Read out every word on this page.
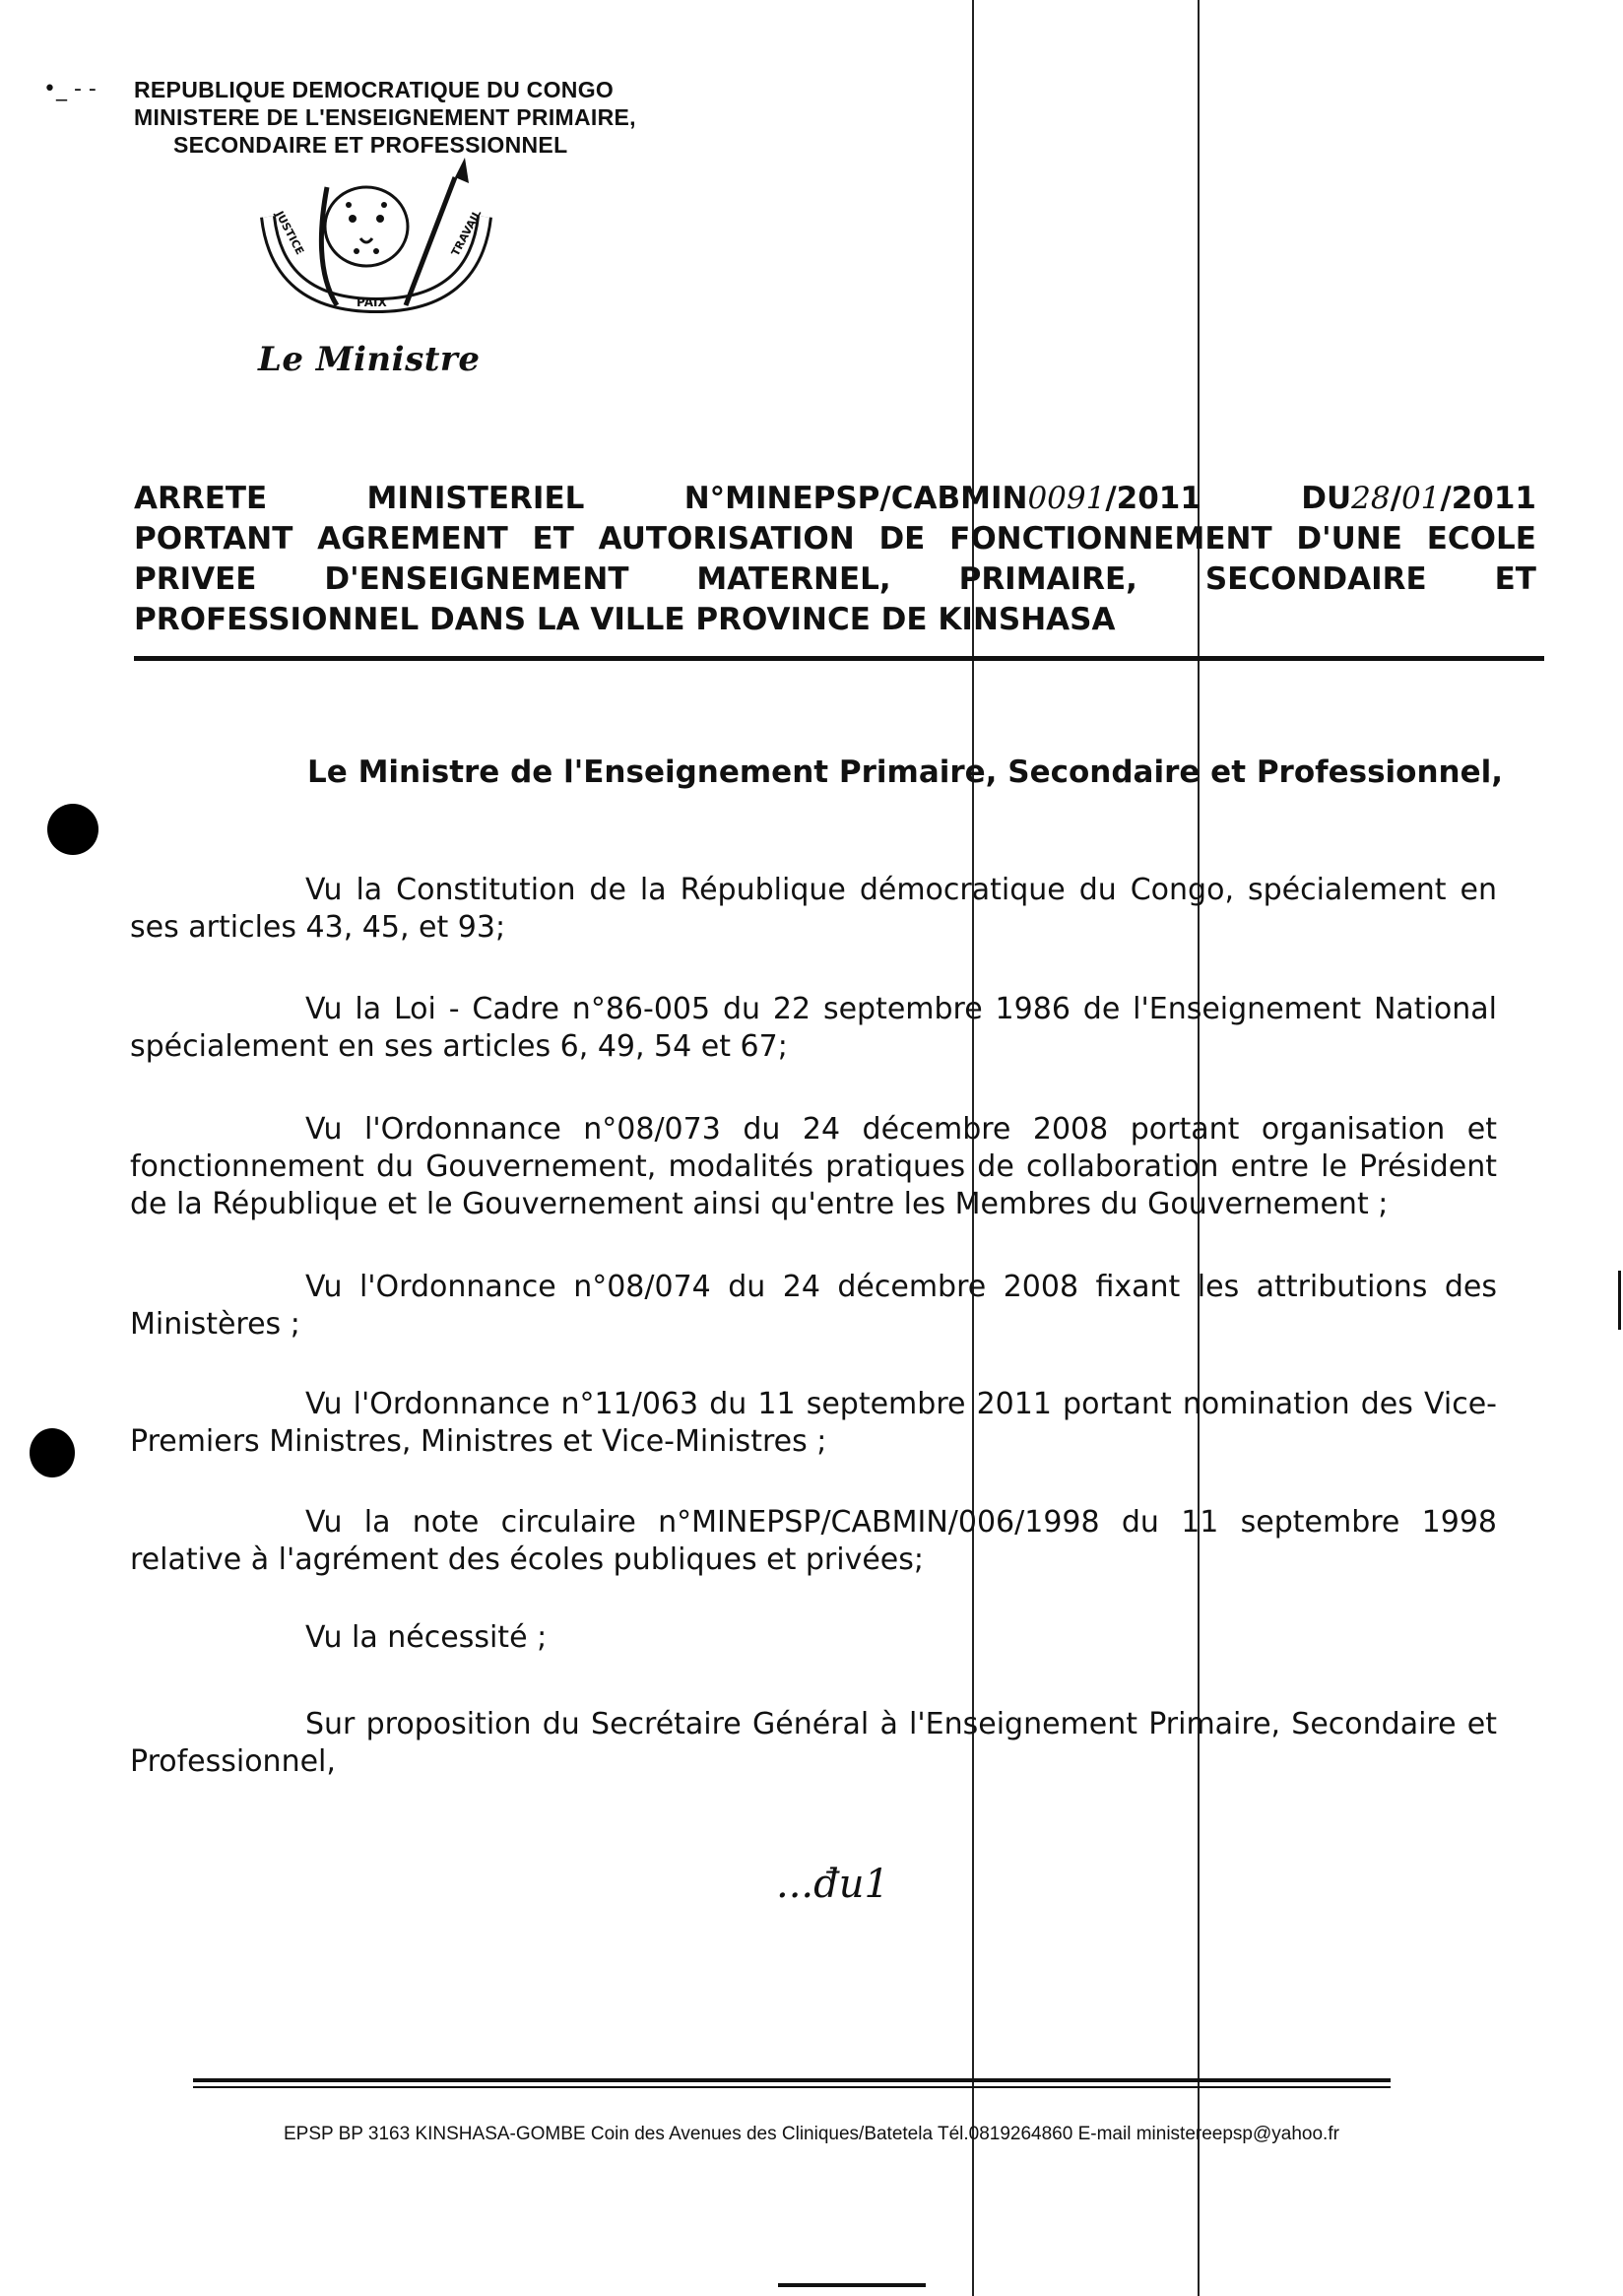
•_ - - REPUBLIQUE DEMOCRATIQUE DU CONGO
MINISTERE DE L'ENSEIGNEMENT PRIMAIRE,
SECONDAIRE ET PROFESSIONNEL
JUSTICE
PAIX
TRAVAIL
Le Ministre
ARRETE	MINISTERIEL	N°MINEPSP/CABMIN0091/2011	DU28/01/2011
PORTANT AGREMENT ET AUTORISATION DE FONCTIONNEMENT D'UNE ECOLE
PRIVEE D'ENSEIGNEMENT MATERNEL, PRIMAIRE, SECONDAIRE ET
PROFESSIONNEL DANS LA VILLE PROVINCE DE KINSHASA
Le Ministre de l'Enseignement Primaire, Secondaire et Professionnel,
Vu la Constitution de la République démocratique du Congo, spécialement en ses articles 43, 45, et 93;
Vu la Loi - Cadre n°86-005 du 22 septembre 1986 de l'Enseignement National spécialement en ses articles 6, 49, 54 et 67;
Vu l'Ordonnance n°08/073 du 24 décembre 2008 portant organisation et fonctionnement du Gouvernement, modalités pratiques de collaboration entre le Président de la République et le Gouvernement ainsi qu'entre les Membres du Gouvernement ;
Vu l'Ordonnance n°08/074 du 24 décembre 2008 fixant les attributions des Ministères ;
Vu l'Ordonnance n°11/063 du 11 septembre 2011 portant nomination des Vice-Premiers Ministres, Ministres et Vice-Ministres ;
Vu la note circulaire n°MINEPSP/CABMIN/006/1998 du 11 septembre 1998 relative à l'agrément des écoles publiques et privées;
Vu la nécessité ;
Sur proposition du Secrétaire Général à l'Enseignement Primaire, Secondaire et Professionnel,
...đu1
EPSP BP 3163 KINSHASA-GOMBE Coin des Avenues des Cliniques/Batetela Tél.0819264860 E-mail ministereepsp@yahoo.fr
